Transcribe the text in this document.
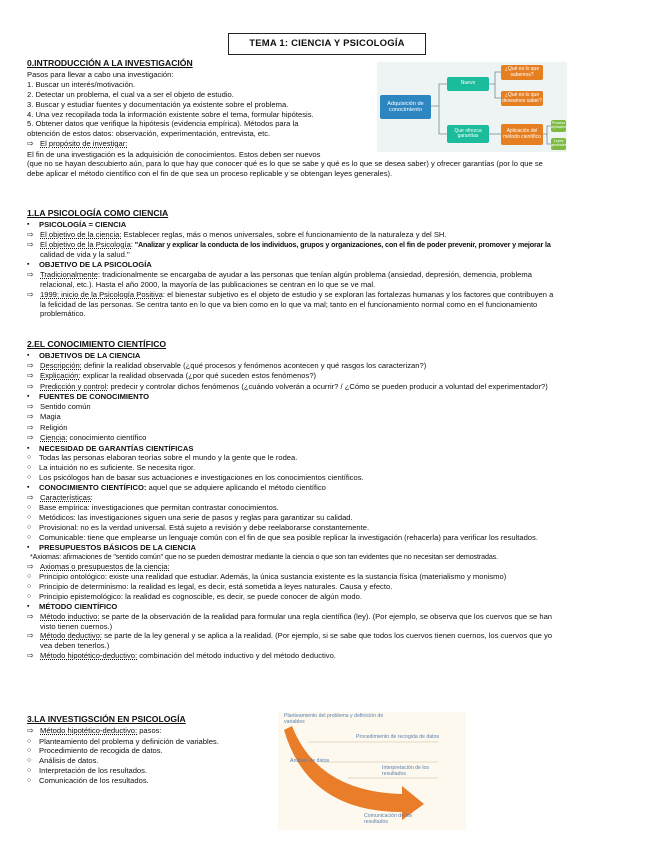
TEMA 1: CIENCIA Y PSICOLOGÍA
0.INTRODUCCIÓN A LA INVESTIGACIÓN
Pasos para llevar a cabo una investigación:
1. Buscar un interés/motivación.
2. Detectar un problema, el cual va a ser el objeto de estudio.
3. Buscar y estudiar fuentes y documentación ya existente sobre el problema.
4. Una vez recopilada toda la información existente sobre el tema, formular hipótesis.
5. Obtener datos que verifique la hipótesis (evidencia empírica). Métodos para la
obtención de estos datos: observación, experimentación, entrevista, etc.
⇨ El propósito de investigar:
El fin de una investigación es la adquisición de conocimientos. Estos deben ser nuevos
(que no se hayan descubierto aún, para lo que hay que conocer qué es lo que se sabe y qué es lo que se desea saber) y ofrecer garantías (por lo que se
debe aplicar el método científico con el fin de que sea un proceso replicable y se obtengan leyes generales).
Adquisición de conocimiento
Nuevo
Que ofrezca garantías
¿Qué es lo que sabemos?
¿Qué es lo que deseamos saber?
Aplicación del método científico
Proceso replicable
Leyes generales
1.LA PSICOLOGÍA COMO CIENCIA
▪	PSICOLOGÍA = CIENCIA
⇨ El objetivo de la ciencia: Establecer reglas, más o menos universales, sobre el funcionamiento de la naturaleza y del SH.
⇨ El objetivo de la Psicología: "Analizar y explicar la conducta de los individuos, grupos y organizaciones, con el fin de poder prevenir, promover y mejorar la
calidad de vida y la salud."
▪	OBJETIVO DE LA PSICOLOGÍA
⇨ Tradicionalmente: tradicionalmente se encargaba de ayudar a las personas que tenían algún problema (ansiedad, depresión, demencia, problema
relacional, etc.). Hasta el año 2000, la mayoría de las publicaciones se centran en lo que se ve mal.
⇨ 1999: inicio de la Psicología Positiva: el bienestar subjetivo es el objeto de estudio y se exploran las fortalezas humanas y los factores que contribuyen a
la felicidad de las personas. Se centra tanto en lo que va bien como en lo que va mal; tanto en el funcionamiento normal como en el funcionamiento
problemático.
2.EL CONOCIMIENTO CIENTÍFICO
▪	OBJETIVOS DE LA CIENCIA
⇨ Descripción: definir la realidad observable (¿qué procesos y fenómenos acontecen y qué rasgos los caracterizan?)
⇨ Explicación: explicar la realidad observada (¿por qué suceden estos fenómenos?)
⇨ Predicción y control: predecir y controlar dichos fenómenos (¿cuándo volverán a ocurrir? / ¿Cómo se pueden producir a voluntad del experimentador?)
▪	FUENTES DE CONOCIMIENTO
⇨ Sentido común
⇨ Magia
⇨ Religión
⇨ Ciencia: conocimiento científico
▪	NECESIDAD DE GARANTÍAS CIENTÍFICAS
○	Todas las personas elaboran teorías sobre el mundo y la gente que le rodea.
○	La intuición no es suficiente. Se necesita rigor.
○	Los psicólogos han de basar sus actuaciones e investigaciones en los conocimientos científicos.
▪	CONOCIMIENTO CIENTÍFICO: aquel que se adquiere aplicando el método científico
⇨ Características:
○	Base empírica: investigaciones que permitan contrastar conocimientos.
○	Metódicos: las investigaciones siguen una serie de pasos y reglas para garantizar su calidad.
○	Provisional: no es la verdad universal. Está sujeto a revisión y debe reelaborarse constantemente.
○	Comunicable: tiene que emplearse un lenguaje común con el fin de que sea posible replicar la investigación (rehacerla) para verificar los resultados.
▪	PRESUPUESTOS BÁSICOS DE LA CIENCIA
*Axiomas: afirmaciones de "sentido común" que no se pueden demostrar mediante la ciencia o que son tan evidentes que no necesitan ser demostradas.
⇨ Axiomas o presupuestos de la ciencia:
○	Principio ontológico: existe una realidad que estudiar. Además, la única sustancia existente es la sustancia física (materialismo y monismo)
○	Principio de determinismo: la realidad es legal, es decir, está sometida a leyes naturales. Causa y efecto.
○	Principio epistemológico: la realidad es cognoscible, es decir, se puede conocer de algún modo.
▪	MÉTODO CIENTÍFICO
⇨ Método inductivo: se parte de la observación de la realidad para formular una regla científica (ley). (Por ejemplo, se observa que los cuervos que se han
visto tienen cuernos.)
⇨ Método deductivo: se parte de la ley general y se aplica a la realidad. (Por ejemplo, si se sabe que todos los cuervos tienen cuernos, los cuervos que yo
vea deben tenerlos.)
⇨ Método hipotético-deductivo: combinación del método inductivo y del método deductivo.
3.LA INVESTIGSCIÓN EN PSICOLOGÍA
⇨ Método hipotético-deductivo: pasos:
○	Planteamiento del problema y definición de variables.
○	Procedimiento de recogida de datos.
○	Análisis de datos.
○	Interpretación de los resultados.
○	Comunicación de los resultados.
Planteamiento del problema y definición de variables
Procedimiento de recogida de datos
Análisis de datos
Interpretación de los resultados
Comunicación de los resultados
